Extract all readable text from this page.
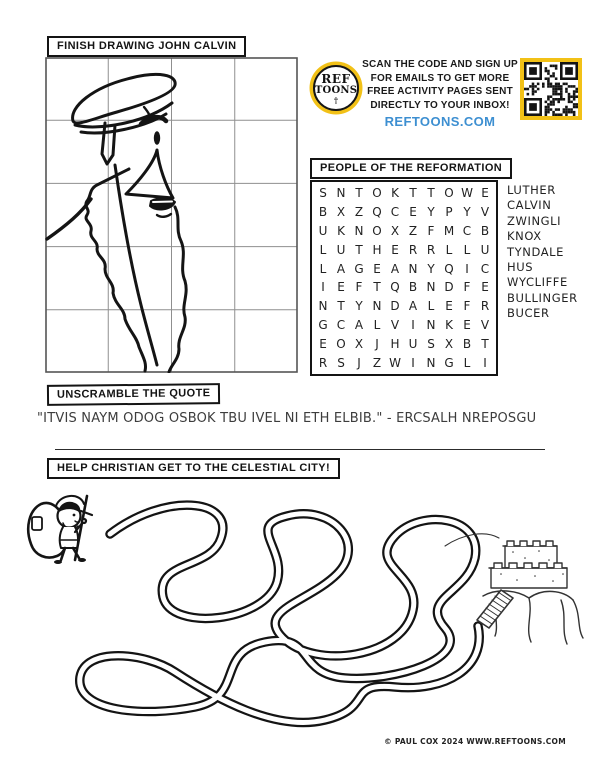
FINISH DRAWING JOHN CALVIN
REF
TOONS
†
SCAN THE CODE AND SIGN UP
FOR EMAILS TO GET MORE
FREE ACTIVITY PAGES SENT
DIRECTLY TO YOUR INBOX!
REFTOONS.COM
PEOPLE OF THE REFORMATION
S N T O K T T O W E
B X Z Q C E Y P Y V
U K N O X Z F M C B
L U T H E R R L L U
L A G E A N Y Q I C
I E F T Q B N D F E
N T Y N D A L E F R
G C A L V I N K E V
E O X J H U S X B T
R S J Z W I N G L I
LUTHER
CALVIN
ZWINGLI
KNOX
TYNDALE
HUS
WYCLIFFE
BULLINGER
BUCER
UNSCRAMBLE THE QUOTE
"ITVIS NAYM ODOG OSBOK TBU IVEL NI ETH ELBIB." - ERCSALH NREPOSGU
HELP CHRISTIAN GET TO THE CELESTIAL CITY!
© PAUL COX 2024 WWW.REFTOONS.COM
